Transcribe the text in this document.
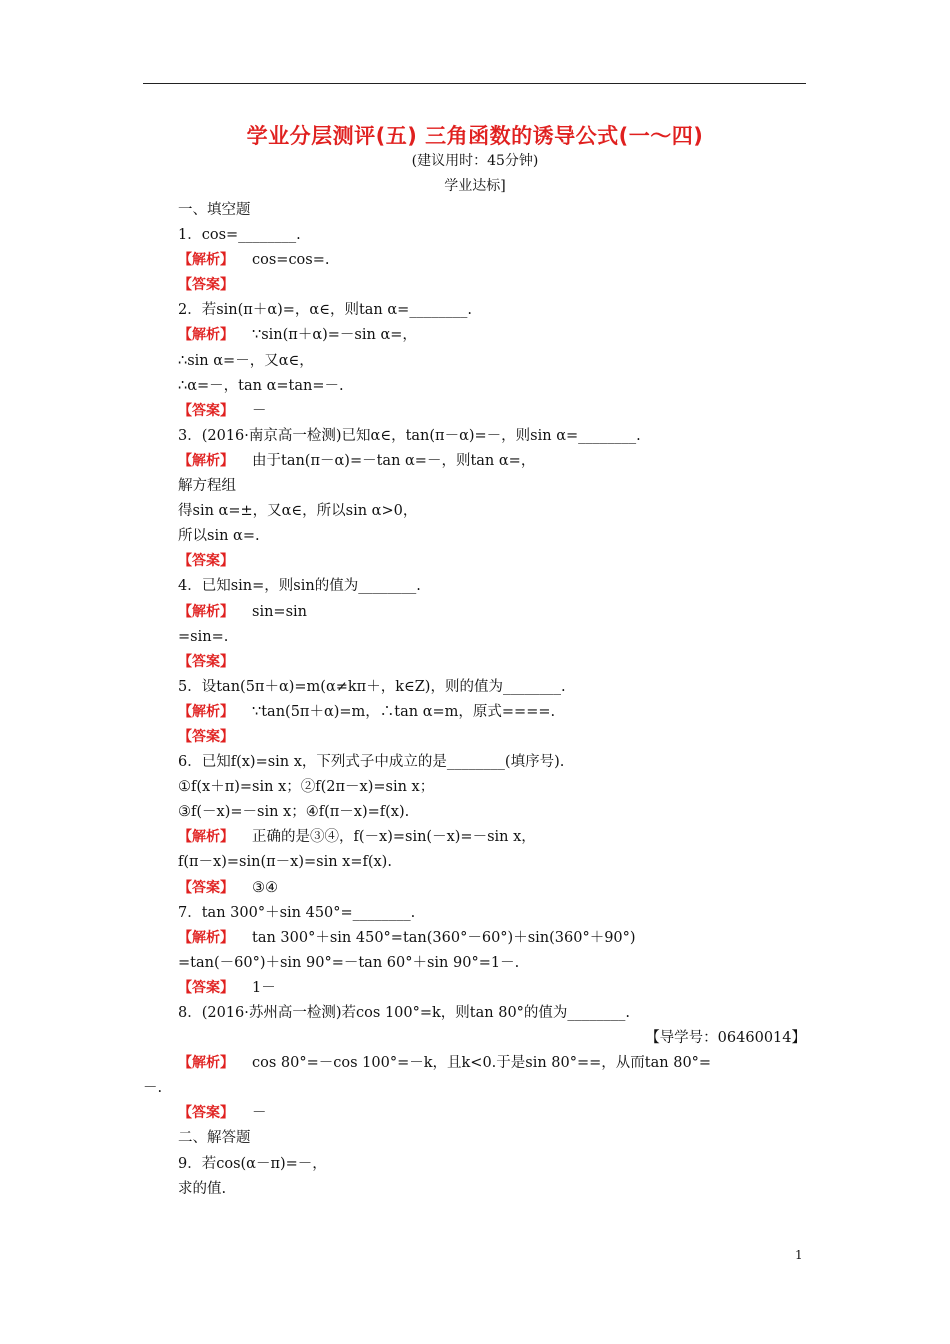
学业分层测评(五) 三角函数的诱导公式(一～四)
(建议用时：45分钟)
学业达标]
一、填空题
1．cos=________.
【解析】 cos=cos=.
【答案】
2．若sin(π＋α)=，α∈，则tan α=________.
【解析】 ∵sin(π＋α)=－sin α=，
∴sin α=－，又α∈，
∴α=－，tan α=tan=－.
【答案】 －
3．(2016·南京高一检测)已知α∈，tan(π－α)=－，则sin α=________.
【解析】 由于tan(π－α)=－tan α=－，则tan α=，
解方程组
得sin α=±，又α∈，所以sin α>0，
所以sin α=.
【答案】
4．已知sin=，则sin的值为________.
【解析】 sin=sin
=sin=.
【答案】
5．设tan(5π＋α)=m(α≠kπ＋，k∈Z)，则的值为________.
【解析】 ∵tan(5π＋α)=m，∴tan α=m，原式====.
【答案】
6．已知f(x)=sin x，下列式子中成立的是________(填序号).
①f(x＋π)=sin x；②f(2π－x)=sin x；
③f(－x)=－sin x；④f(π－x)=f(x).
【解析】 正确的是③④，f(－x)=sin(－x)=－sin x，
f(π－x)=sin(π－x)=sin x=f(x).
【答案】 ③④
7．tan 300°＋sin 450°=________.
【解析】 tan 300°＋sin 450°=tan(360°－60°)＋sin(360°＋90°)
=tan(－60°)＋sin 90°=－tan 60°＋sin 90°=1－.
【答案】 1－
8．(2016·苏州高一检测)若cos 100°=k，则tan 80°的值为________.
【导学号：06460014】
【解析】 cos 80°=－cos 100°=－k，且k<0.于是sin 80°==，从而tan 80°=
－.
【答案】 －
二、解答题
9．若cos(α－π)=－，
求的值.
1
